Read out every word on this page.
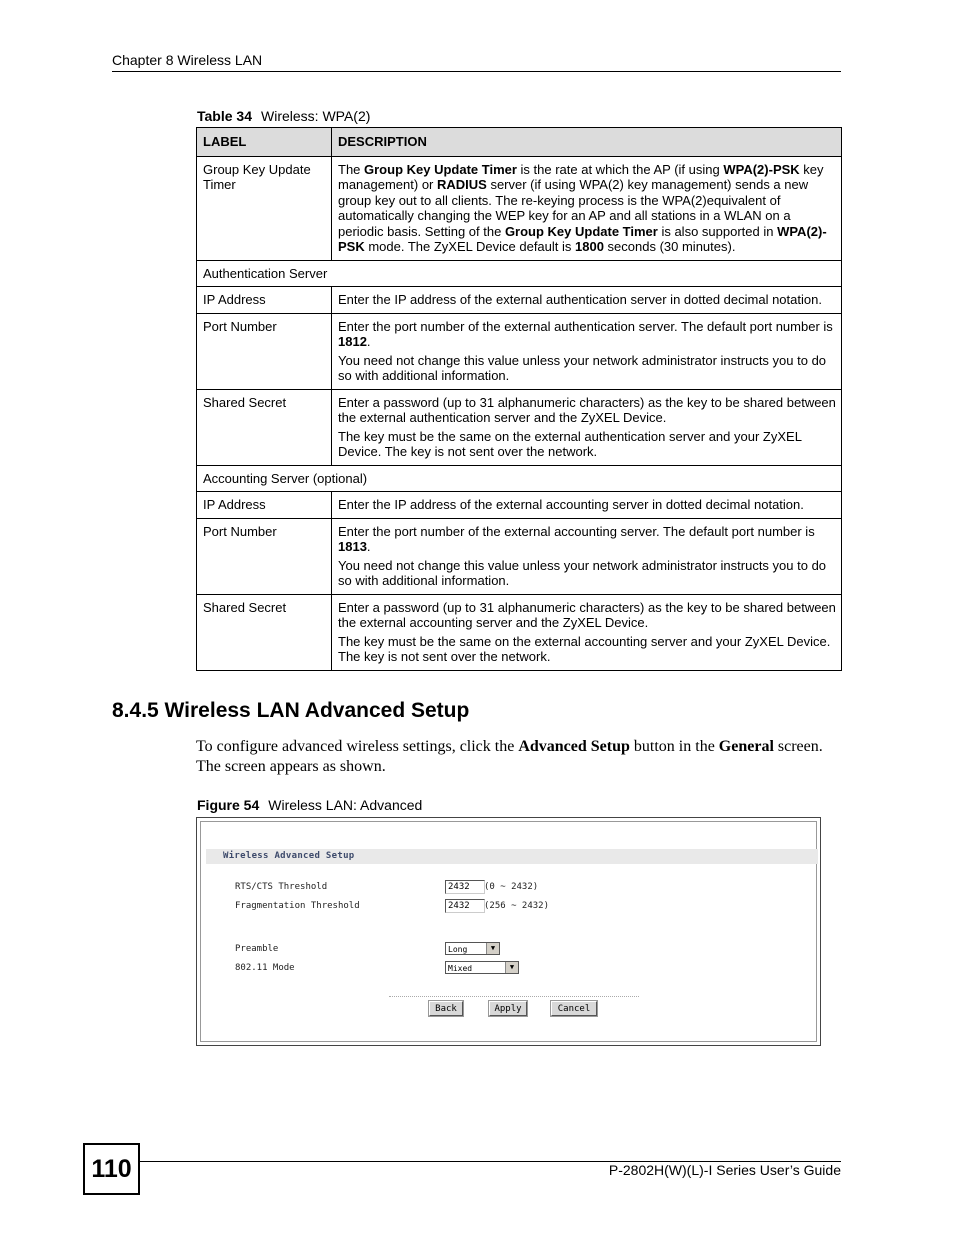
Chapter 8 Wireless LAN
Table 34 Wireless: WPA(2)
LABEL	DESCRIPTION
Group Key Update Timer	The Group Key Update Timer is the rate at which the AP (if using WPA(2)-PSK key management) or RADIUS server (if using WPA(2) key management) sends a new group key out to all clients. The re-keying process is the WPA(2)equivalent of automatically changing the WEP key for an AP and all stations in a WLAN on a periodic basis. Setting of the Group Key Update Timer is also supported in WPA(2)-PSK mode. The ZyXEL Device default is 1800 seconds (30 minutes).

Authentication Server	
IP Address	Enter the IP address of the external authentication server in dotted decimal notation.
Port Number	Enter the port number of the external authentication server. The default port number is 1812.

You need not change this value unless your network administrator instructs you to do so with additional information.

Shared Secret	Enter a password (up to 31 alphanumeric characters) as the key to be shared between the external authentication server and the ZyXEL Device.

The key must be the same on the external authentication server and your ZyXEL Device. The key is not sent over the network.

Accounting Server (optional)	
IP Address	Enter the IP address of the external accounting server in dotted decimal notation.
Port Number	Enter the port number of the external accounting server. The default port number is 1813.

You need not change this value unless your network administrator instructs you to do so with additional information.

Shared Secret	Enter a password (up to 31 alphanumeric characters) as the key to be shared between the external accounting server and the ZyXEL Device.

The key must be the same on the external accounting server and your ZyXEL Device. The key is not sent over the network.

8.4.5 Wireless LAN Advanced Setup
To configure advanced wireless settings, click the Advanced Setup button in the General screen. The screen appears as shown.
Figure 54 Wireless LAN: Advanced
Wireless Advanced Setup
RTS/CTS Threshold	2432	(0 ~ 2432)
Fragmentation Threshold	2432	(256 ~ 2432)
Preamble	Long	▼
802.11 Mode	Mixed	▼
Back	Apply	Cancel
110	P-2802H(W)(L)-I Series User’s Guide
